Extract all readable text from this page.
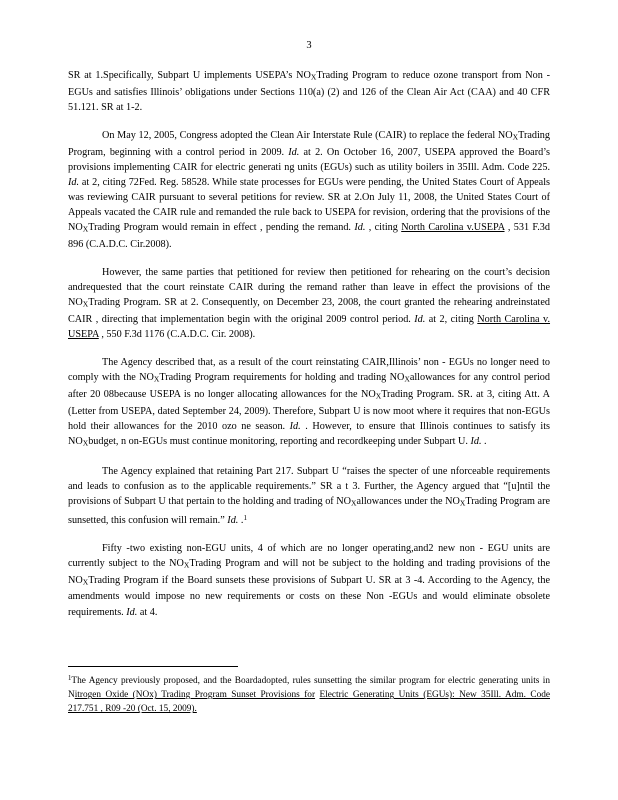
3

SR at 1.Specifically, Subpart U implements USEPA’s $NO_XTrading$ Program to reduce ozone transport from Non -EGUs and satisfies Illinois’ obligations under Sections 110(a) (2) and 126 of the Clean Air Act (CAA) and 40 CFR 51.121. SR at 1-2.

On May 12, 2005, Congress adopted the Clean Air Interstate Rule (CAIR) to replace the federal $NO_XTrading$ Program, beginning with a control period in 2009. Id. at 2. On October 16, 2007, USEPA approved the Board’s provisions implementing CAIR for electric generati ng units (EGUs) such as utility boilers in 35Ill. Adm. Code 225. Id. at 2, citing 72Fed. Reg. 58528. While state processes for EGUs were pending, the United States Court of Appeals was reviewing CAIR pursuant to several petitions for review. SR at 2.On July 11, 2008, the United States Court of Appeals vacated the CAIR rule and remanded the rule back to USEPA for revision, ordering that the provisions of the $NO_XTrading$ Program would remain in effect , pending the remand. Id. , citing North Carolina v.USEPA , 531 F.3d 896 (C.A.D.C. Cir.2008).

However, the same parties that petitioned for review then petitioned for rehearing on the court’s decision andrequested that the court reinstate CAIR during the remand rather than leave in effect the provisions of the $NO_XTrading$ Program. SR at 2. Consequently, on December 23, 2008, the court granted the rehearing andreinstated CAIR , directing that implementation begin with the original 2009 control period. Id. at 2, citing North Carolina v. USEPA , 550 F.3d 1176 (C.A.D.C. Cir. 2008).

The Agency described that, as a result of the court reinstating CAIR,Illinois’ non - EGUs no longer need to comply with the $NO_XTrading$ Program requirements for holding and trading $NO_Xallowances$ for any control period after 20 08because USEPA is no longer allocating allowances for the $NO_XTrading$ Program. SR. at 3, citing Att. A (Letter from USEPA, dated September 24, 2009). Therefore, Subpart U is now moot where it requires that non-EGUs hold their allowances for the 2010 ozo ne season. Id. . However, to ensure that Illinois continues to satisfy its $NO_Xbudget$, n on-EGUs must continue monitoring, reporting and recordkeeping under Subpart U. Id. .

The Agency explained that retaining Part 217. Subpart U “raises the specter of une nforceable requirements and leads to confusion as to the applicable requirements.” SR a t 3. Further, the Agency argued that “[u]ntil the provisions of Subpart U that pertain to the holding and trading of $NO_Xallowances$ under the $NO_XTrading$ Program are sunsetted, this confusion will remain.” Id. .$^1$

Fifty -two existing non-EGU units, 4 of which are no longer operating,and2 new non - EGU units are currently subject to the $NO_XTrading$ Program and will not be subject to the holding and trading provisions of the $NO_XTrading$ Program if the Board sunsets these provisions of Subpart U. SR at 3 -4. According to the Agency, the amendments would impose no new requirements or costs on these Non -EGUs and would eliminate obsolete requirements. Id. at 4.

$^1$The Agency previously proposed, and the Boardadopted, rules sunsetting the similar program for electric generating units in Nitrogen Oxide (NOx) Trading Program Sunset Provisions for Electric Generating Units (EGUs): New 35Ill. Adm. Code 217.751 , R09 -20 (Oct. 15, 2009).
